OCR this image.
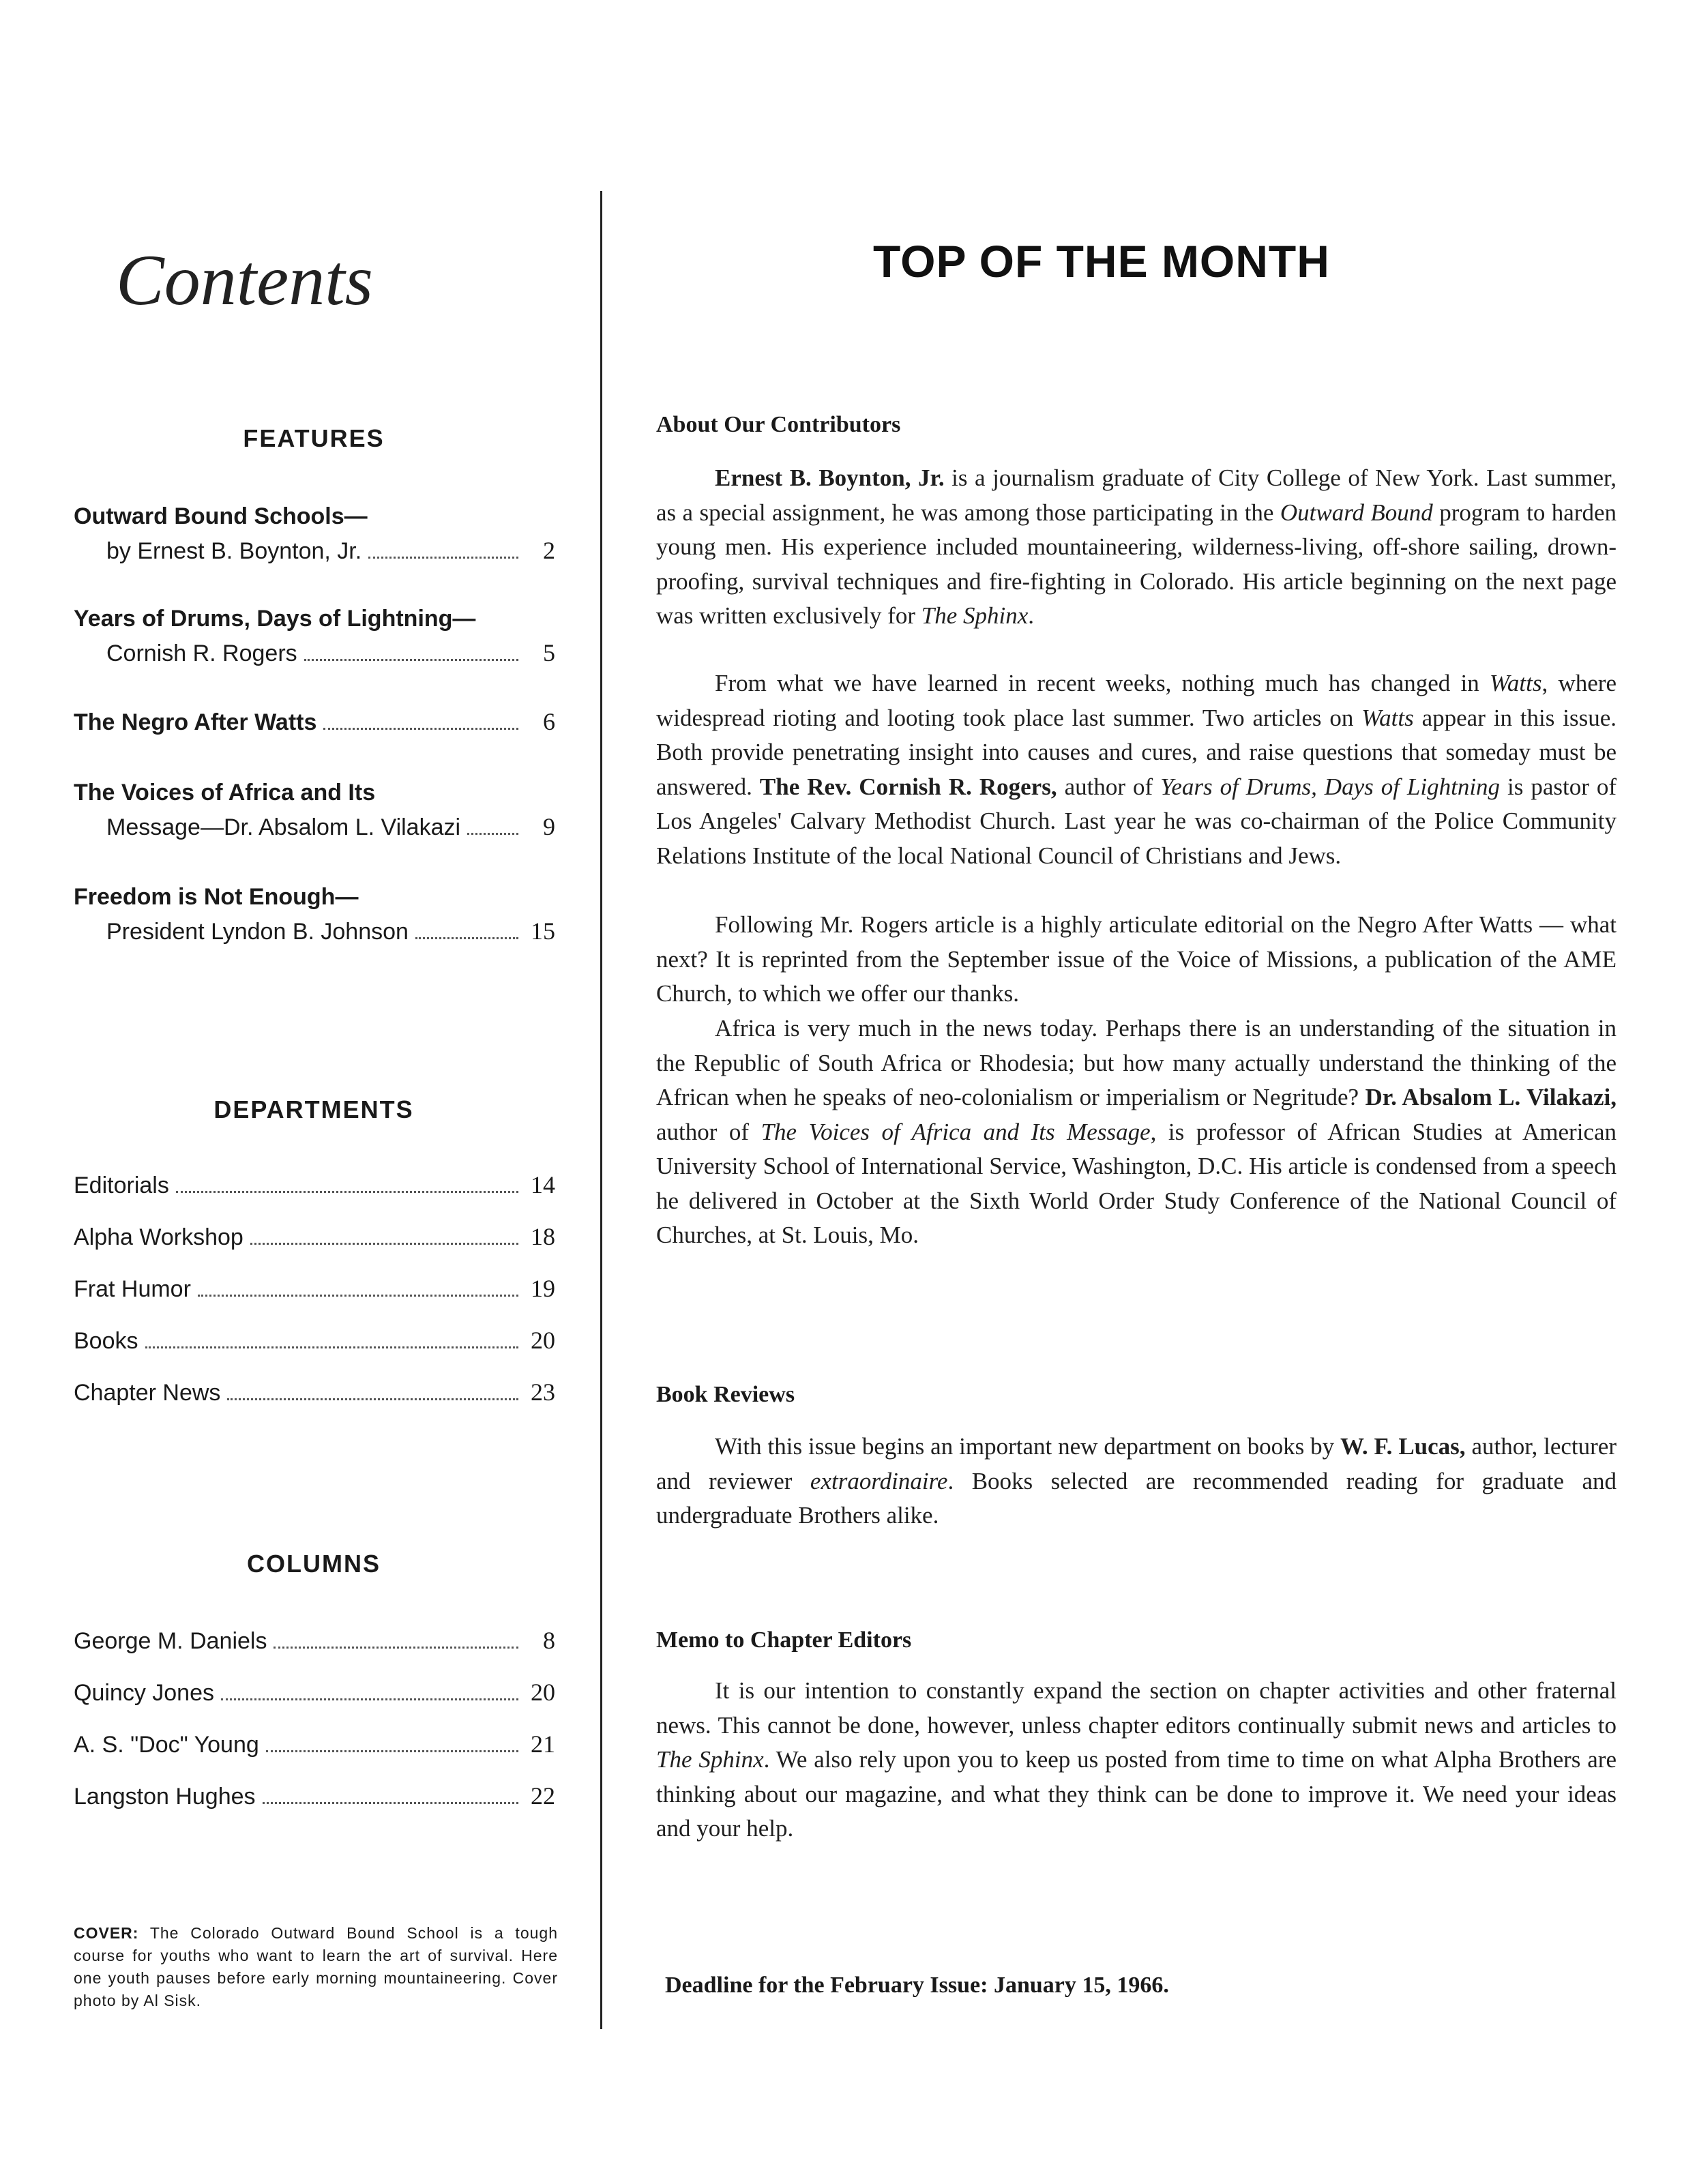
Contents
FEATURES
Outward Bound Schools—
by Ernest B. Boynton, Jr.	2
Years of Drums, Days of Lightning—
Cornish R. Rogers	5
The Negro After Watts	6
The Voices of Africa and Its
Message—Dr. Absalom L. Vilakazi	9
Freedom is Not Enough—
President Lyndon B. Johnson	15
DEPARTMENTS
Editorials	14
Alpha Workshop	18
Frat Humor	19
Books	20
Chapter News	23
COLUMNS
George M. Daniels	8
Quincy Jones	20
A. S. "Doc" Young	21
Langston Hughes	22
COVER: The Colorado Outward Bound School is a tough course for youths who want to learn the art of survival. Here one youth pauses before early morning mountaineering. Cover photo by Al Sisk.
TOP OF THE MONTH
About Our Contributors
Ernest B. Boynton, Jr. is a journalism graduate of City College of New York. Last summer, as a special assignment, he was among those participating in the Outward Bound program to harden young men. His experience included mountaineering, wilderness-living, off-shore sailing, drown-proofing, survival techniques and fire-fighting in Colorado. His article beginning on the next page was written exclusively for The Sphinx.
From what we have learned in recent weeks, nothing much has changed in Watts, where widespread rioting and looting took place last summer. Two articles on Watts appear in this issue. Both provide penetrating insight into causes and cures, and raise questions that someday must be answered. The Rev. Cornish R. Rogers, author of Years of Drums, Days of Lightning is pastor of Los Angeles' Calvary Methodist Church. Last year he was co-chairman of the Police Community Relations Institute of the local National Council of Christians and Jews.
Following Mr. Rogers article is a highly articulate editorial on the Negro After Watts — what next? It is reprinted from the September issue of the Voice of Missions, a publication of the AME Church, to which we offer our thanks.
Africa is very much in the news today. Perhaps there is an understanding of the situation in the Republic of South Africa or Rhodesia; but how many actually understand the thinking of the African when he speaks of neo-colonialism or imperialism or Negritude? Dr. Absalom L. Vilakazi, author of The Voices of Africa and Its Message, is professor of African Studies at American University School of International Service, Washington, D.C. His article is condensed from a speech he delivered in October at the Sixth World Order Study Conference of the National Council of Churches, at St. Louis, Mo.
Book Reviews
With this issue begins an important new department on books by W. F. Lucas, author, lecturer and reviewer extraordinaire. Books selected are recommended reading for graduate and undergraduate Brothers alike.
Memo to Chapter Editors
It is our intention to constantly expand the section on chapter activities and other fraternal news. This cannot be done, however, unless chapter editors continually submit news and articles to The Sphinx. We also rely upon you to keep us posted from time to time on what Alpha Brothers are thinking about our magazine, and what they think can be done to improve it. We need your ideas and your help.
Deadline for the February Issue: January 15, 1966.
